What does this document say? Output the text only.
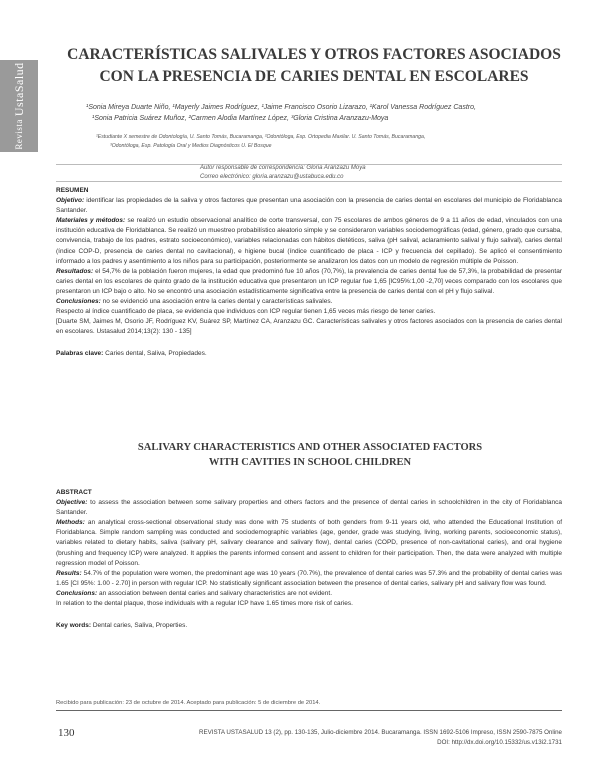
Revista
UstaSalud
CARACTERÍSTICAS SALIVALES Y OTROS FACTORES ASOCIADOS
CON LA PRESENCIA DE CARIES DENTAL EN ESCOLARES
¹Sonia Mireya Duarte Niño, ¹Mayerly Jaimes Rodríguez, ¹Jaime Francisco Osorio Lizarazo, ¹Karol Vanessa Rodríguez Castro,
¹Sonia Patricia Suárez Muñoz, ²Carmen Alodia Martínez López, ³Gloria Cristina Aranzazu-Moya
¹Estudiante X semestre de Odontología, U. Santo Tomás, Bucaramanga, ²Odontóloga, Esp. Ortopedia Maxilar. U. Santo Tomás, Bucaramanga,
³Odontóloga, Esp. Patología Oral y Medios Diagnósticos U. El Bosque
Autor responsable de correspondencia: Gloria Aranzazu Moya
Correo electrónico: gloria.aranzazu@ustabuca.edu.co
RESUMEN
Objetivo: identificar las propiedades de la saliva y otros factores que presentan una asociación con la presencia de caries dental en escolares del municipio de Floridablanca Santander.
Materiales y métodos: se realizó un estudio observacional analítico de corte transversal, con 75 escolares de ambos géneros de 9 a 11 años de edad, vinculados con una institución educativa de Floridablanca. Se realizó un muestreo probabilístico aleatorio simple y se consideraron variables sociodemográficas (edad, género, grado que cursaba, convivencia, trabajo de los padres, estrato socioeconómico), variables relacionadas con hábitos dietéticos, saliva (pH salival, aclaramiento salival y flujo salival), caries dental (índice COP-D, presencia de caries dental no cavitacional), e higiene bucal (índice cuantificado de placa - ICP y frecuencia del cepillado). Se aplicó el consentimiento informado a los padres y asentimiento a los niños para su participación, posteriormente se analizaron los datos con un modelo de regresión múltiple de Poisson.
Resultados: el 54,7% de la población fueron mujeres, la edad que predominó fue 10 años (70,7%), la prevalencia de caries dental fue de 57,3%, la probabilidad de presentar caries dental en los escolares de quinto grado de la institución educativa que presentaron un ICP regular fue 1,65 [IC95%:1,00 -2,70] veces comparado con los escolares que presentaron un ICP bajo o alto. No se encontró una asociación estadísticamente significativa entre la presencia de caries dental con el pH y flujo salival.
Conclusiones: no se evidenció una asociación entre la caries dental y características salivales.
Respecto al índice cuantificado de placa, se evidencia que individuos con ICP regular tienen 1,65 veces más riesgo de tener caries.
[Duarte SM, Jaimes M, Osorio JF, Rodríguez KV, Suárez SP, Martínez CA, Aranzazu GC. Características salivales y otros factores asociados con la presencia de caries dental en escolares. Ustasalud 2014;13(2): 130 - 135]
Palabras clave: Caries dental, Saliva, Propiedades.
SALIVARY CHARACTERISTICS AND OTHER ASSOCIATED FACTORS
WITH CAVITIES IN SCHOOL CHILDREN
ABSTRACT
Objective: to assess the association between some salivary properties and others factors and the presence of dental caries in schoolchildren in the city of Floridablanca Santander.
Methods: an analytical cross-sectional observational study was done with 75 students of both genders from 9-11 years old, who attended the Educational Institution of Floridablanca. Simple random sampling was conducted and sociodemographic variables (age, gender, grade was studying, living, working parents, socioeconomic status), variables related to dietary habits, saliva (salivary pH, salivary clearance and salivary flow), dental caries (COPD, presence of non-cavitational caries), and oral hygiene (brushing and frequency ICP) were analyzed. It applies the parents informed consent and assent to children for their participation. Then, the data were analyzed with multiple regression model of Poisson.
Results: 54.7% of the population were women, the predominant age was 10 years (70.7%), the prevalence of dental caries was 57.3% and the probability of dental caries was 1.65 [CI 95%: 1.00 - 2.70] in person with regular ICP. No statistically significant association between the presence of dental caries, salivary pH and salivary flow was found.
Conclusions: an association between dental caries and salivary characteristics are not evident.
In relation to the dental plaque, those individuals with a regular ICP have 1.65 times more risk of caries.
Key words: Dental caries, Saliva, Properties.
Recibido para publicación: 23 de octubre de 2014. Aceptado para publicación: 5 de diciembre de 2014.
130	REVISTA USTASALUD 13 (2), pp. 130-135, Julio-diciembre 2014. Bucaramanga. ISSN 1692-5106 Impreso, ISSN 2590-7875 Online
DOI: http://dx.doi.org/10.15332/us.v13i2.1731
